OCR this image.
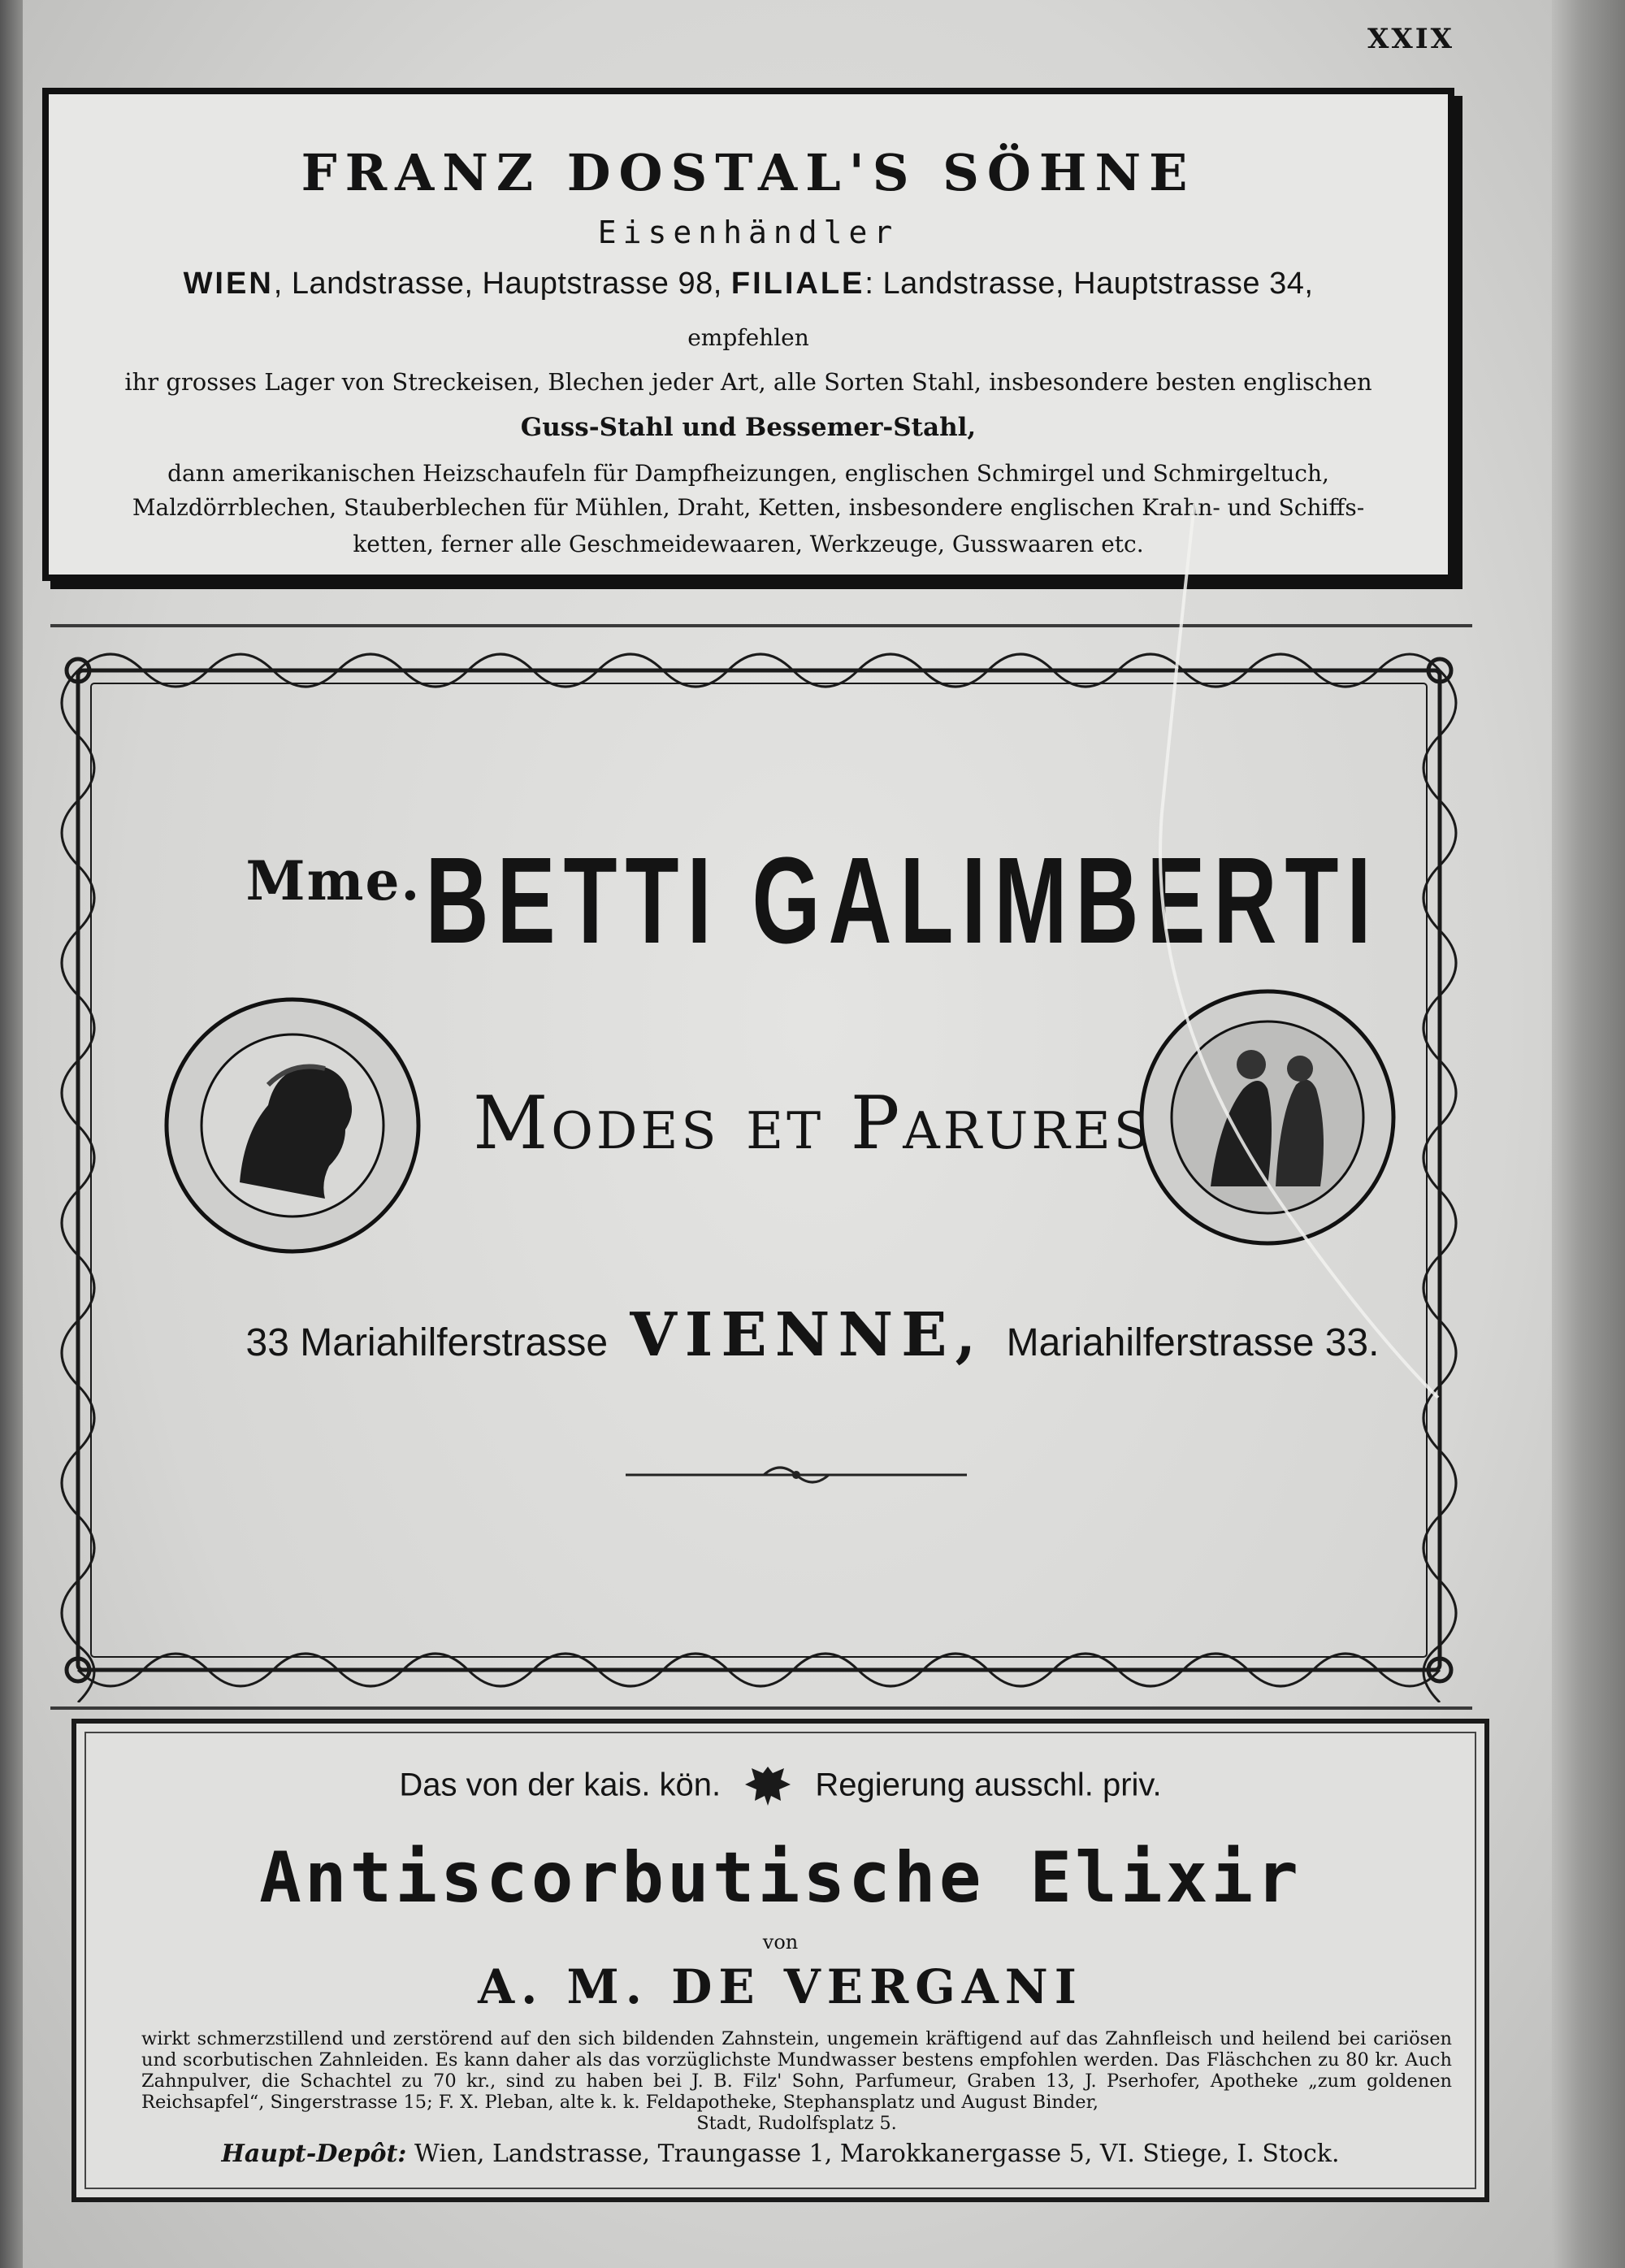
XXIX
FRANZ DOSTAL'S SÖHNE
Eisenhändler
WIEN, Landstrasse, Hauptstrasse 98, FILIALE: Landstrasse, Hauptstrasse 34,
empfehlen
ihr grosses Lager von Streckeisen, Blechen jeder Art, alle Sorten Stahl, insbesondere besten englischen
Guss-Stahl und Bessemer-Stahl,
dann amerikanischen Heizschaufeln für Dampfheizungen, englischen Schmirgel und Schmirgeltuch,
Malzdörrblechen, Stauberblechen für Mühlen, Draht, Ketten, insbesondere englischen Krahn- und Schiffs-
ketten, ferner alle Geschmeidewaaren, Werkzeuge, Gusswaaren etc.
Mme. BETTI GALIMBERTI
Modes et Parures
33 Mariahilferstrasse VIENNE, Mariahilferstrasse 33.
Das von der kais. kön.	Regierung ausschl. priv.
Antiscorbutische Elixir
von
A. M. DE VERGANI
wirkt schmerzstillend und zerstörend auf den sich bildenden Zahnstein, ungemein kräftigend auf das Zahnfleisch und heilend bei cariösen und scorbutischen Zahnleiden. Es kann daher als das vorzüglichste Mundwasser bestens empfohlen werden. Das Fläschchen zu 80 kr. Auch Zahnpulver, die Schachtel zu 70 kr., sind zu haben bei J. B. Filz' Sohn, Parfumeur, Graben 13, J. Pserhofer, Apotheke „zum goldenen Reichsapfel“, Singerstrasse 15; F. X. Pleban, alte k. k. Feldapotheke, Stephansplatz und August Binder,
Stadt, Rudolfsplatz 5.
Haupt-Depôt: Wien, Landstrasse, Traungasse 1, Marokkanergasse 5, VI. Stiege, I. Stock.
